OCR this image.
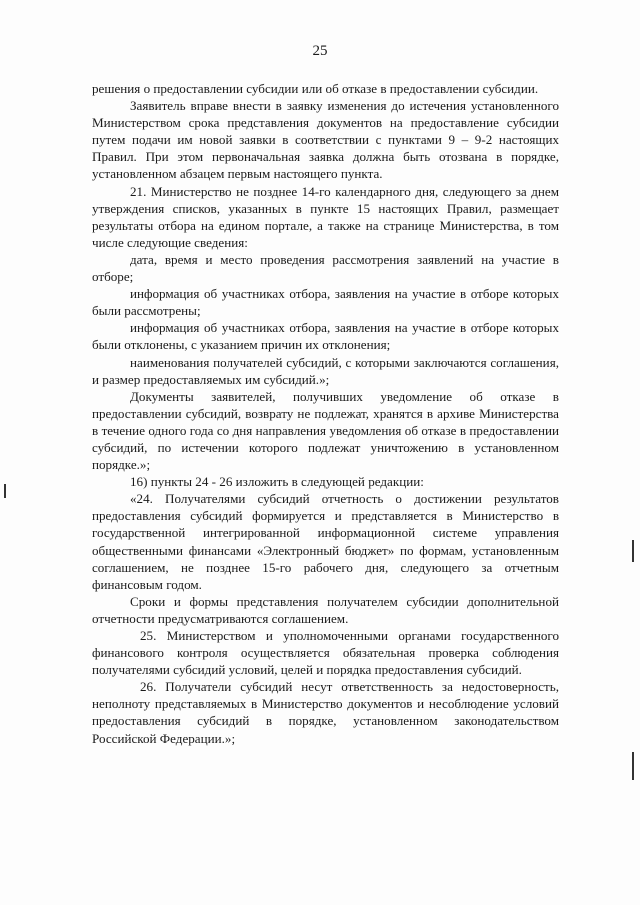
25

решения о предоставлении субсидии или об отказе в предоставлении субсидии.

Заявитель вправе внести в заявку изменения до истечения установленного Министерством срока представления документов на предоставление субсидии путем подачи им новой заявки в соответствии с пунктами 9 – 9-2 настоящих Правил. При этом первоначальная заявка должна быть отозвана в порядке, установленном абзацем первым настоящего пункта.

21. Министерство не позднее 14-го календарного дня, следующего за днем утверждения списков, указанных в пункте 15 настоящих Правил, размещает результаты отбора на едином портале, а также на странице Министерства, в том числе следующие сведения:

дата, время и место проведения рассмотрения заявлений на участие в отборе;

информация об участниках отбора, заявления на участие в отборе которых были рассмотрены;

информация об участниках отбора, заявления на участие в отборе которых были отклонены, с указанием причин их отклонения;

наименования получателей субсидий, с которыми заключаются соглашения, и размер предоставляемых им субсидий.»;

Документы заявителей, получивших уведомление об отказе в предоставлении субсидий, возврату не подлежат, хранятся в архиве Министерства в течение одного года со дня направления уведомления об отказе в предоставлении субсидий, по истечении которого подлежат уничтожению в установленном порядке.»;

16) пункты 24 - 26 изложить в следующей редакции:

«24. Получателями субсидий отчетность о достижении результатов предоставления субсидий формируется и представляется в Министерство в государственной интегрированной информационной системе управления общественными финансами «Электронный бюджет» по формам, установленным соглашением, не позднее 15-го рабочего дня, следующего за отчетным финансовым годом.

Сроки и формы представления получателем субсидии дополнительной отчетности предусматриваются соглашением.

25. Министерством и уполномоченными органами государственного финансового контроля осуществляется обязательная проверка соблюдения получателями субсидий условий, целей и порядка предоставления субсидий.

26. Получатели субсидий несут ответственность за недостоверность, неполноту представляемых в Министерство документов и несоблюдение условий предоставления субсидий в порядке, установленном законодательством Российской Федерации.»;
